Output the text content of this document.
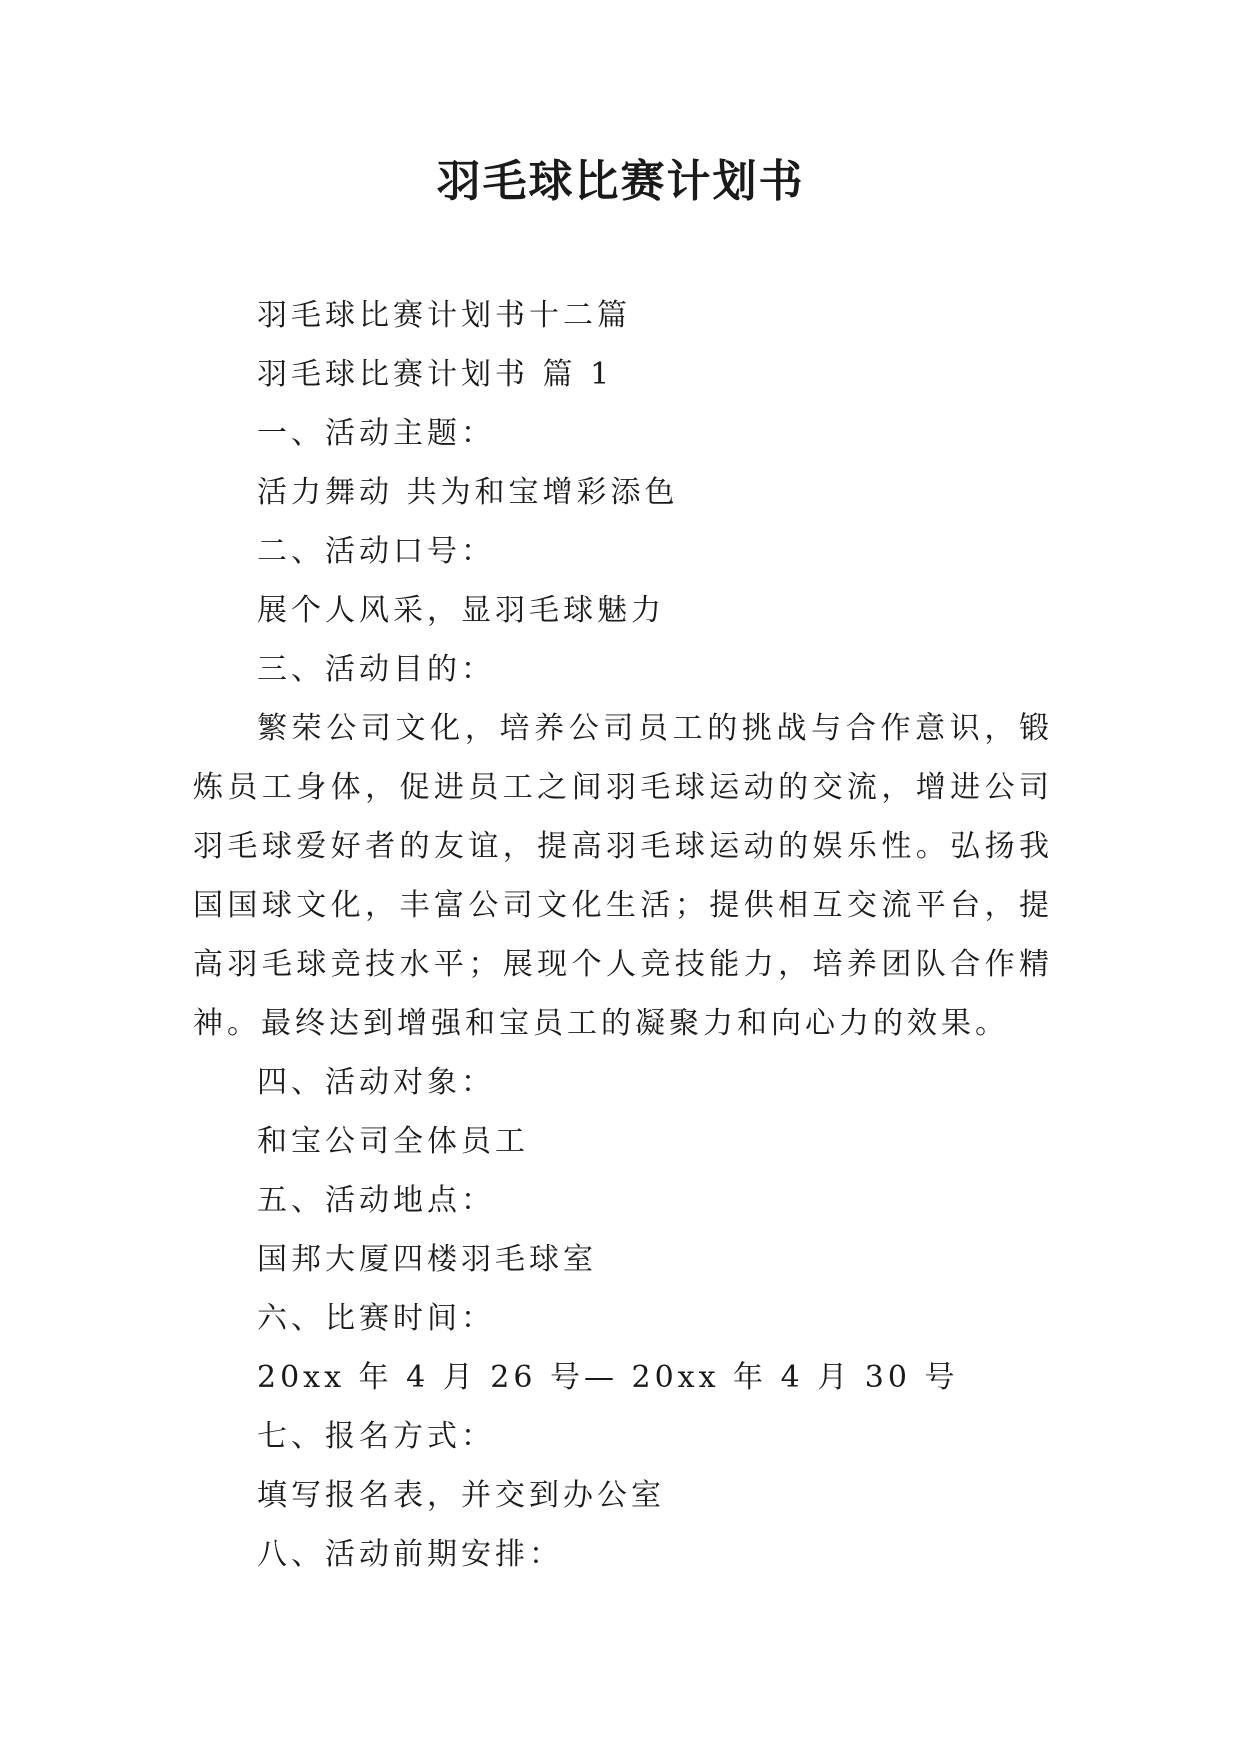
羽毛球比赛计划书
羽毛球比赛计划书十二篇
羽毛球比赛计划书 篇 1
一、活动主题：
活力舞动 共为和宝增彩添色
二、活动口号：
展个人风采，显羽毛球魅力
三、活动目的：
繁荣公司文化，培养公司员工的挑战与合作意识，锻炼员工身体，促进员工之间羽毛球运动的交流，增进公司羽毛球爱好者的友谊，提高羽毛球运动的娱乐性。弘扬我国国球文化，丰富公司文化生活；提供相互交流平台，提高羽毛球竞技水平；展现个人竞技能力，培养团队合作精神。最终达到增强和宝员工的凝聚力和向心力的效果。
四、活动对象：
和宝公司全体员工
五、活动地点：
国邦大厦四楼羽毛球室
六、比赛时间：
20xx 年 4 月 26 号— 20xx 年 4 月 30 号
七、报名方式：
填写报名表，并交到办公室
八、活动前期安排：
